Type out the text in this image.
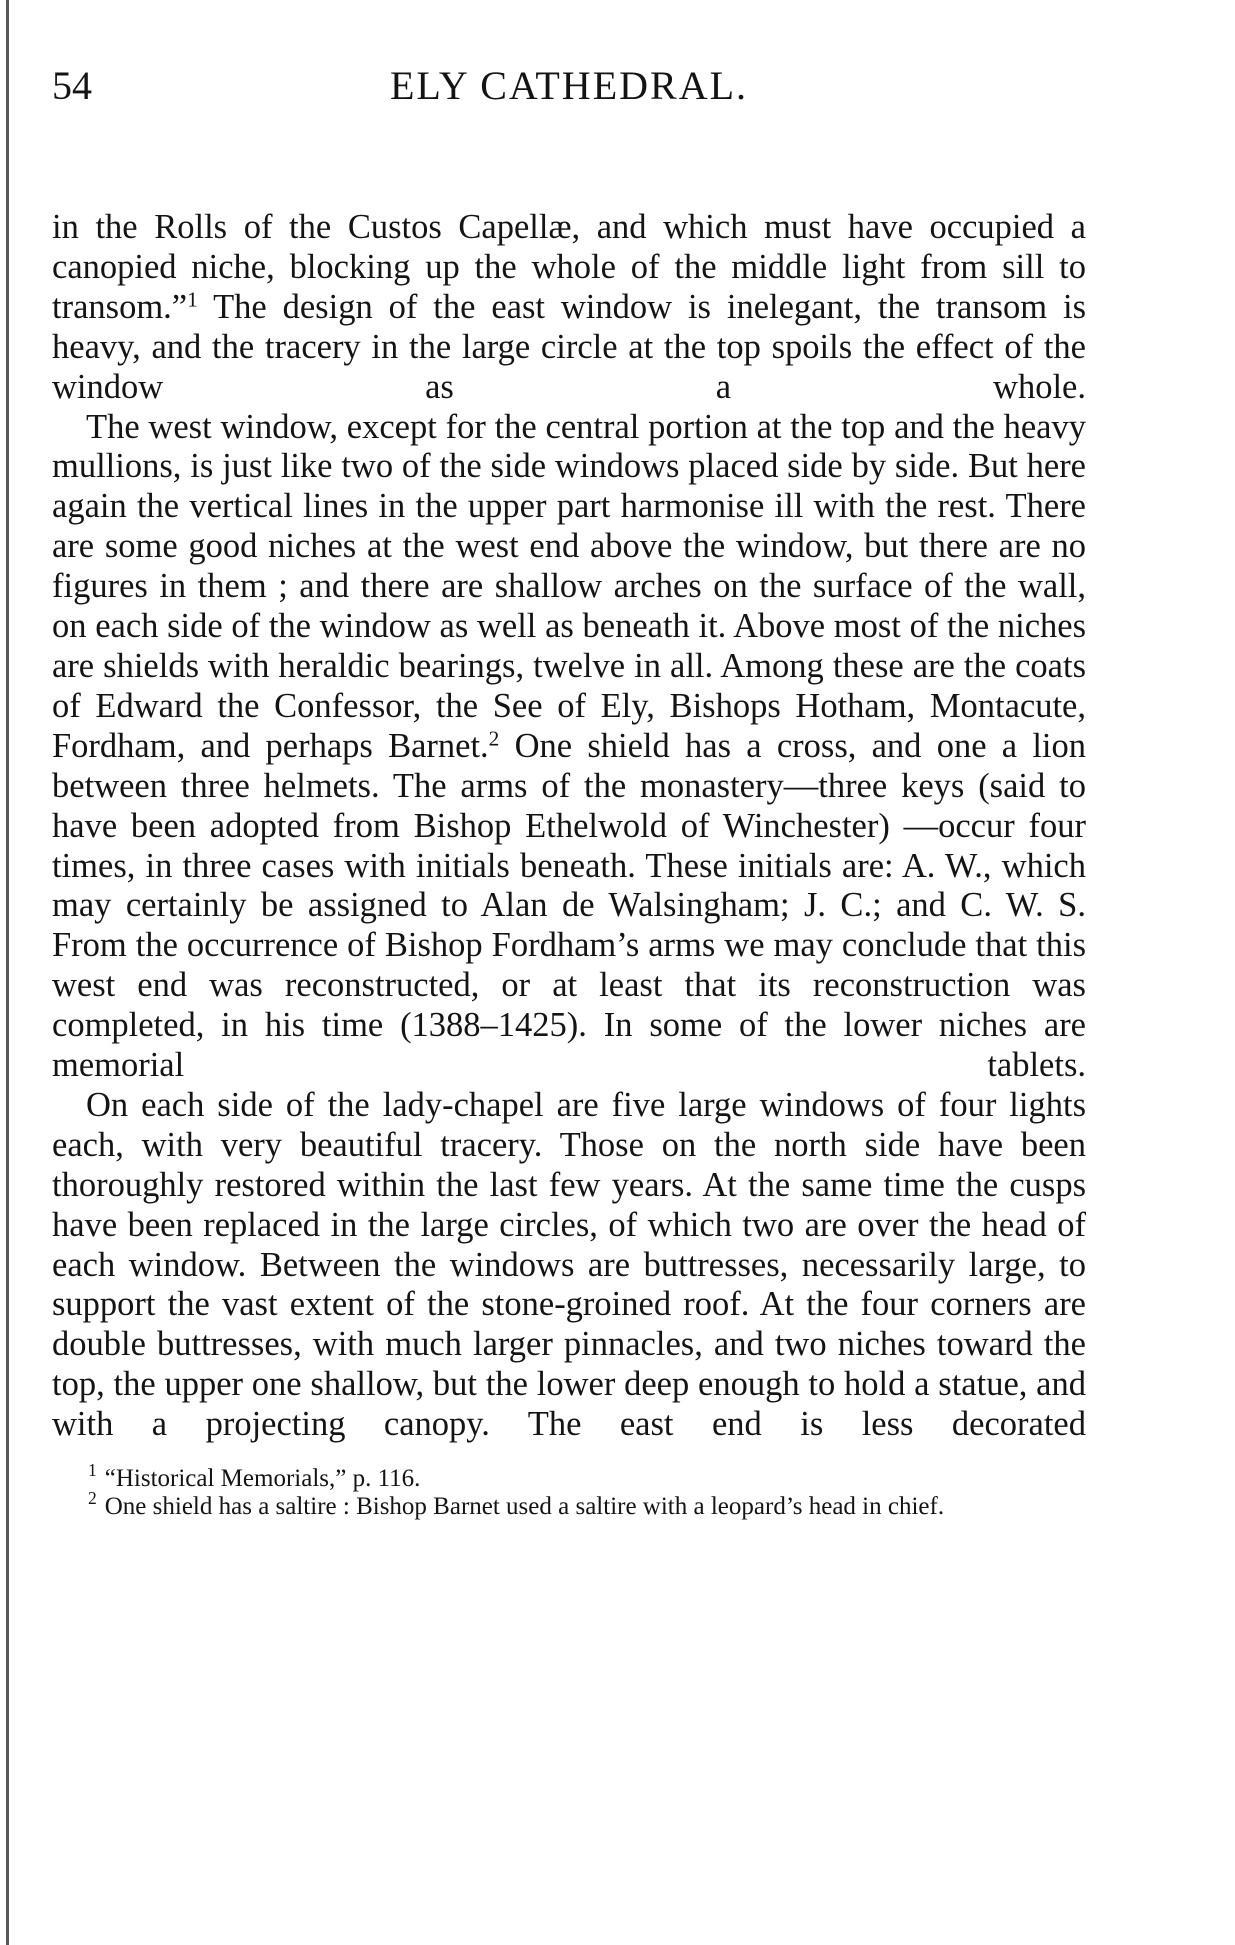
54	ELY CATHEDRAL.

in the Rolls of the Custos Capellæ, and which must have occupied a canopied niche, blocking up the whole of the middle light from sill to transom.”$^1$ The design of the east window is inelegant, the transom is heavy, and the tracery in the large circle at the top spoils the effect of the window as a whole.

The west window, except for the central portion at the top and the heavy mullions, is just like two of the side windows placed side by side. But here again the vertical lines in the upper part harmonise ill with the rest. There are some good niches at the west end above the window, but there are no figures in them ; and there are shallow arches on the surface of the wall, on each side of the window as well as beneath it. Above most of the niches are shields with heraldic bearings, twelve in all. Among these are the coats of Edward the Confessor, the See of Ely, Bishops Hotham, Montacute, Fordham, and perhaps Barnet.$^2$ One shield has a cross, and one a lion between three helmets. The arms of the monastery—three keys (said to have been adopted from Bishop Ethelwold of Winchester) —occur four times, in three cases with initials beneath. These initials are: A. W., which may certainly be assigned to Alan de Walsingham; J. C.; and C. W. S. From the occurrence of Bishop Fordham’s arms we may conclude that this west end was reconstructed, or at least that its reconstruction was completed, in his time (1388–1425). In some of the lower niches are memorial tablets.

On each side of the lady-chapel are five large windows of four lights each, with very beautiful tracery. Those on the north side have been thoroughly restored within the last few years. At the same time the cusps have been replaced in the large circles, of which two are over the head of each window. Between the windows are buttresses, necessarily large, to support the vast extent of the stone-groined roof. At the four corners are double buttresses, with much larger pinnacles, and two niches toward the top, the upper one shallow, but the lower deep enough to hold a statue, and with a projecting canopy. The east end is less decorated

$^1$ “Historical Memorials,” p. 116.

$^2$ One shield has a saltire : Bishop Barnet used a saltire with a leopard’s head in chief.
